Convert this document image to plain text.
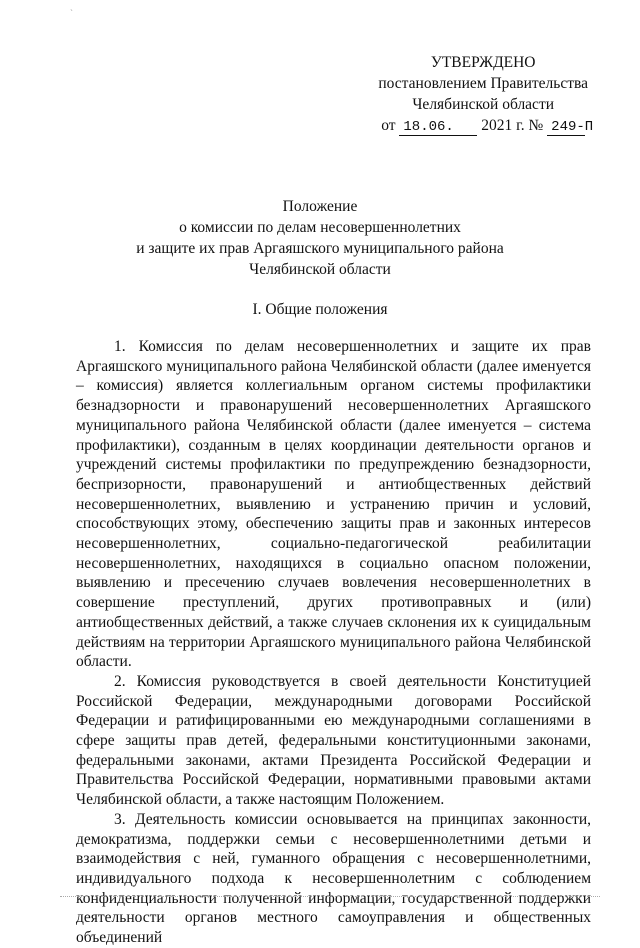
`
УТВЕРЖДЕНО
постановлением Правительства
Челябинской области
от 18.06. 2021 г. № 249-П
Положение
о комиссии по делам несовершеннолетних
и защите их прав Аргаяшского муниципального района
Челябинской области
I. Общие положения

1. Комиссия по делам несовершеннолетних и защите их прав Аргаяшского муниципального района Челябинской области (далее именуется – комиссия) является коллегиальным органом системы профилактики безнадзорности и правонарушений несовершеннолетних Аргаяшского муниципального района Челябинской области (далее именуется – система профилактики), созданным в целях координации деятельности органов и учреждений системы профилактики по предупреждению безнадзорности, беспризорности, правонарушений и антиобщественных действий несовершеннолетних, выявлению и устранению причин и условий, способствующих этому, обеспечению защиты прав и законных интересов несовершеннолетних, социально-педагогической реабилитации несовершеннолетних, находящихся в социально опасном положении, выявлению и пресечению случаев вовлечения несовершеннолетних в совершение преступлений, других противоправных и (или) антиобщественных действий, а также случаев склонения их к суицидальным действиям на территории Аргаяшского муниципального района Челябинской области.

2. Комиссия руководствуется в своей деятельности Конституцией Российской Федерации, международными договорами Российской Федерации и ратифицированными ею международными соглашениями в сфере защиты прав детей, федеральными конституционными законами, федеральными законами, актами Президента Российской Федерации и Правительства Российской Федерации, нормативными правовыми актами Челябинской области, а также настоящим Положением.

3. Деятельность комиссии основывается на принципах законности, демократизма, поддержки семьи с несовершеннолетними детьми и взаимодействия с ней, гуманного обращения с несовершеннолетними, индивидуального подхода к несовершеннолетним с соблюдением конфиденциальности полученной информации, государственной поддержки деятельности органов местного самоуправления и общественных объединений
